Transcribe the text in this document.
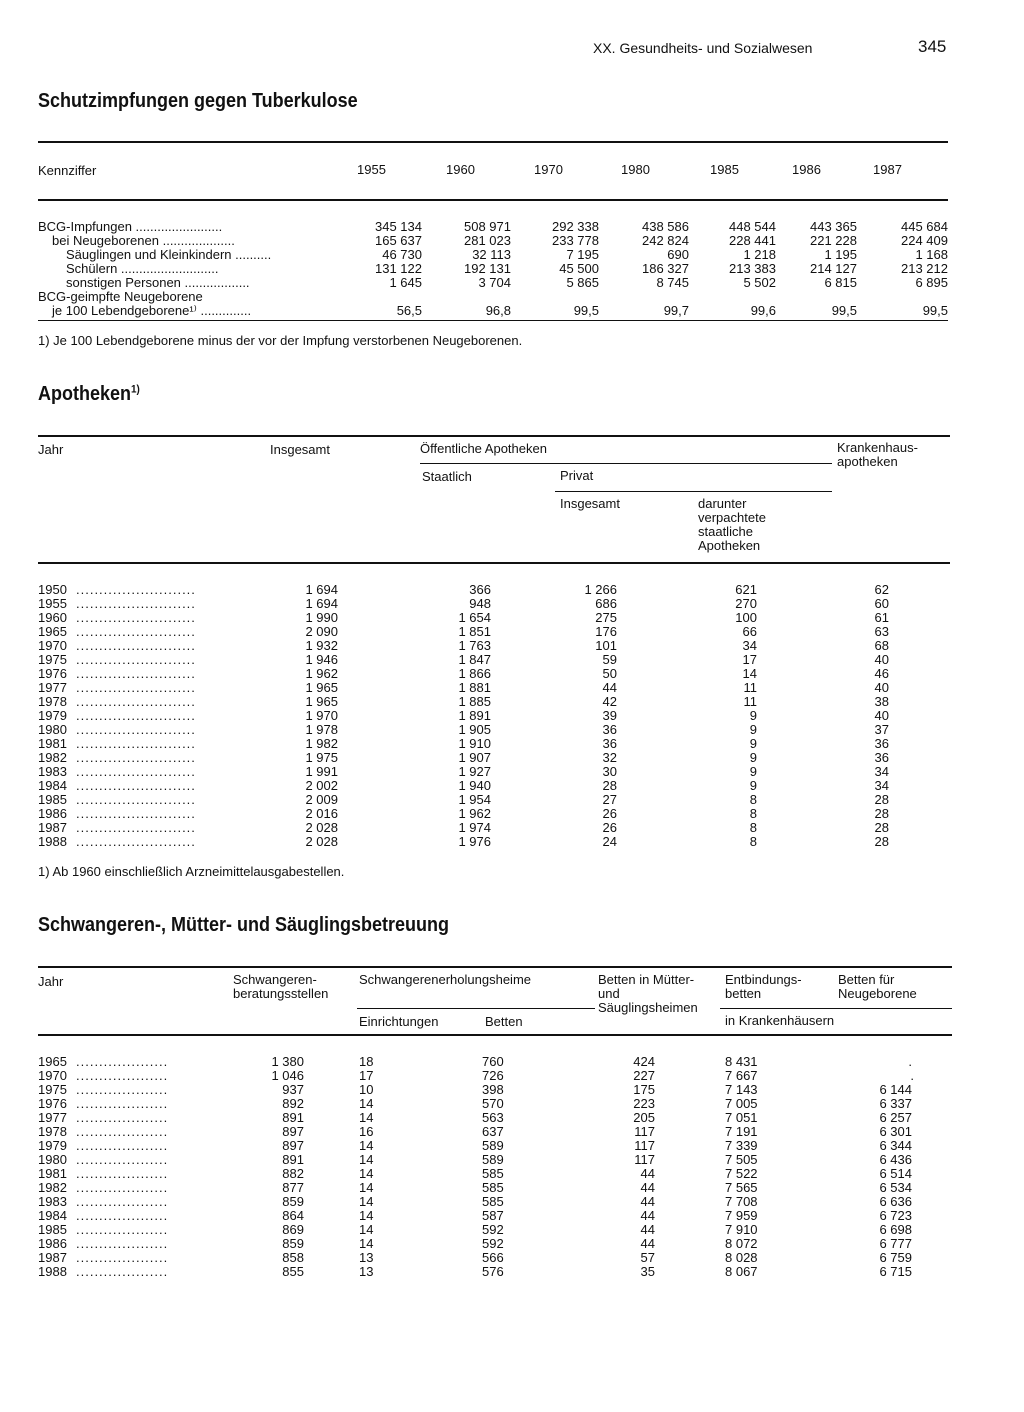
XX. Gesundheits- und Sozialwesen	345
Schutzimpfungen gegen Tuberkulose
Kennziffer	1955	1960	1970	1980	1985	1986	1987
BCG-Impfungen ........................	345 134	508 971	292 338	438 586	448 544	443 365	445 684
bei Neugeborenen ....................	165 637	281 023	233 778	242 824	228 441	221 228	224 409
Säuglingen und Kleinkindern ..........	46 730	32 113	7 195	690	1 218	1 195	1 168
Schülern ...........................	131 122	192 131	45 500	186 327	213 383	214 127	213 212
sonstigen Personen ..................	1 645	3 704	5 865	8 745	5 502	6 815	6 895
BCG-geimpfte Neugeborene
je 100 Lebendgeborene¹⁾ ..............	56,5	96,8	99,5	99,7	99,6	99,5	99,5
1) Je 100 Lebendgeborene minus der vor der Impfung verstorbenen Neugeborenen.
Apotheken$^{1)}$
Jahr	Insgesamt	Öffentliche Apotheken	Krankenhaus-
apotheken
Staatlich	Privat
Insgesamt	darunter
verpachtete
staatliche
Apotheken
1950 ..........................	1 694	366	1 266	621	62
1955 ..........................	1 694	948	686	270	60
1960 ..........................	1 990	1 654	275	100	61
1965 ..........................	2 090	1 851	176	66	63
1970 ..........................	1 932	1 763	101	34	68
1975 ..........................	1 946	1 847	59	17	40
1976 ..........................	1 962	1 866	50	14	46
1977 ..........................	1 965	1 881	44	11	40
1978 ..........................	1 965	1 885	42	11	38
1979 ..........................	1 970	1 891	39	9	40
1980 ..........................	1 978	1 905	36	9	37
1981 ..........................	1 982	1 910	36	9	36
1982 ..........................	1 975	1 907	32	9	36
1983 ..........................	1 991	1 927	30	9	34
1984 ..........................	2 002	1 940	28	9	34
1985 ..........................	2 009	1 954	27	8	28
1986 ..........................	2 016	1 962	26	8	28
1987 ..........................	2 028	1 974	26	8	28
1988 ..........................	2 028	1 976	24	8	28
1) Ab 1960 einschließlich Arzneimittelausgabestellen.
Schwangeren-, Mütter- und Säuglingsbetreuung
Jahr	Schwangeren-
beratungsstellen
Schwangerenerholungsheime	Betten in Mütter-
und
Säuglingsheimen
Entbindungs-
betten
Betten für
Neugeborene
Einrichtungen	Betten	in Krankenhäusern
1965 ....................	1 380	18	760	424	8 431	.
1970 ....................	1 046	17	726	227	7 667	.
1975 ....................	937	10	398	175	7 143	6 144
1976 ....................	892	14	570	223	7 005	6 337
1977 ....................	891	14	563	205	7 051	6 257
1978 ....................	897	16	637	117	7 191	6 301
1979 ....................	897	14	589	117	7 339	6 344
1980 ....................	891	14	589	117	7 505	6 436
1981 ....................	882	14	585	44	7 522	6 514
1982 ....................	877	14	585	44	7 565	6 534
1983 ....................	859	14	585	44	7 708	6 636
1984 ....................	864	14	587	44	7 959	6 723
1985 ....................	869	14	592	44	7 910	6 698
1986 ....................	859	14	592	44	8 072	6 777
1987 ....................	858	13	566	57	8 028	6 759
1988 ....................	855	13	576	35	8 067	6 715
